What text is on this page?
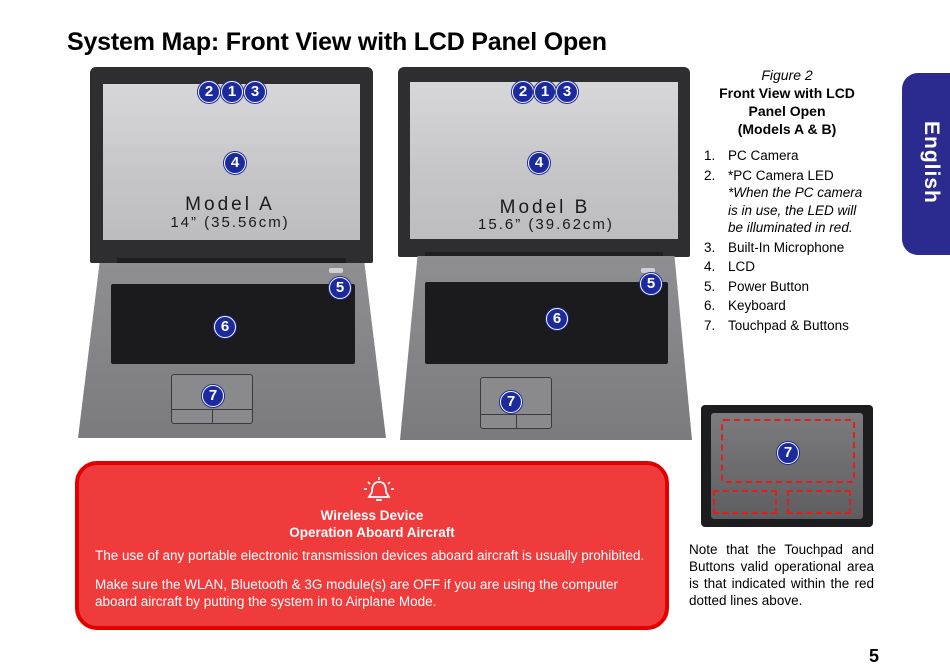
System Map: Front View with LCD Panel Open
English
Model A
14” (35.56cm)
2 1 3
4
5
6
7
Model B
15.6” (39.62cm)
2 1 3
4
5
6
7
Figure 2
Front View with LCD
Panel Open
(Models A & B)
1. PC Camera
2. *PC Camera LED
*When the PC camera is in use, the LED will be illuminated in red.
3. Built-In Microphone
4. LCD
5. Power Button
6. Keyboard
7. Touchpad & Buttons
7
Note that the Touchpad and Buttons valid operational area is that indicated within the red dotted lines above.
Wireless Device
Operation Aboard Aircraft
The use of any portable electronic transmission devices aboard aircraft is usually prohibited.
Make sure the WLAN, Bluetooth & 3G module(s) are OFF if you are using the computer aboard aircraft by putting the system in to Airplane Mode.
5
